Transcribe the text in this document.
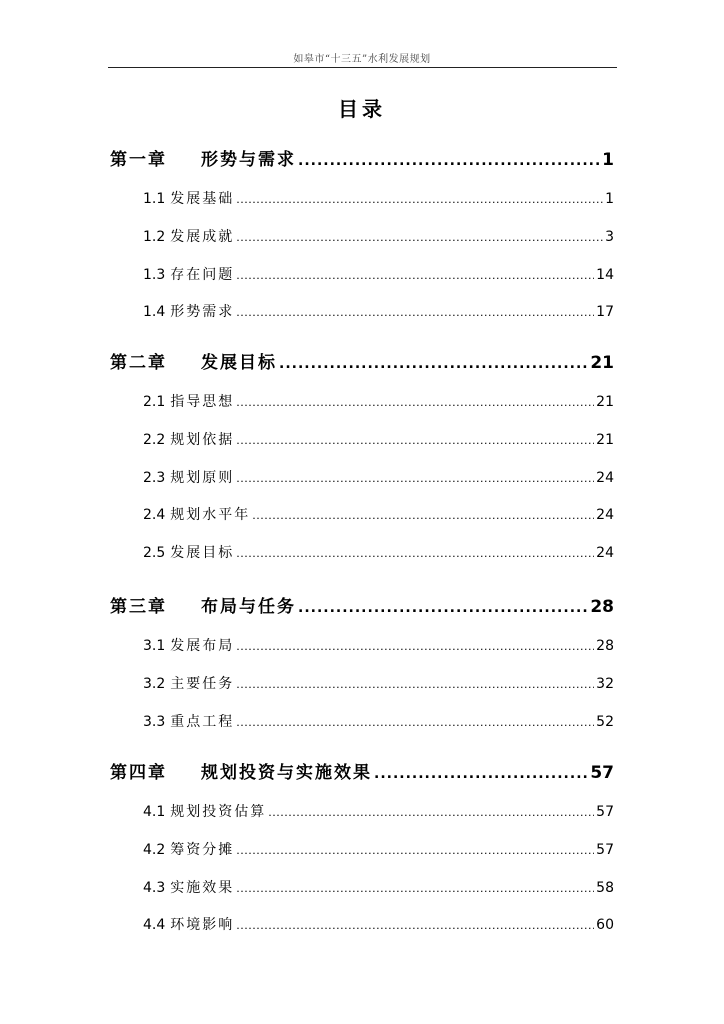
如皋市“十三五”水利发展规划
目录
第一章 形势与需求 .....	1
1.1 发展基础 .....	1
1.2 发展成就 .....	3
1.3 存在问题 .....	14
1.4 形势需求 .....	17
第二章 发展目标 .....	21
2.1 指导思想 .....	21
2.2 规划依据 .....	21
2.3 规划原则 .....	24
2.4 规划水平年 .....	24
2.5 发展目标 .....	24
第三章 布局与任务 .....	28
3.1 发展布局 .....	28
3.2 主要任务 .....	32
3.3 重点工程 .....	52
第四章 规划投资与实施效果 .....	57
4.1 规划投资估算 .....	57
4.2 筹资分摊 .....	57
4.3 实施效果 .....	58
4.4 环境影响 .....	60
